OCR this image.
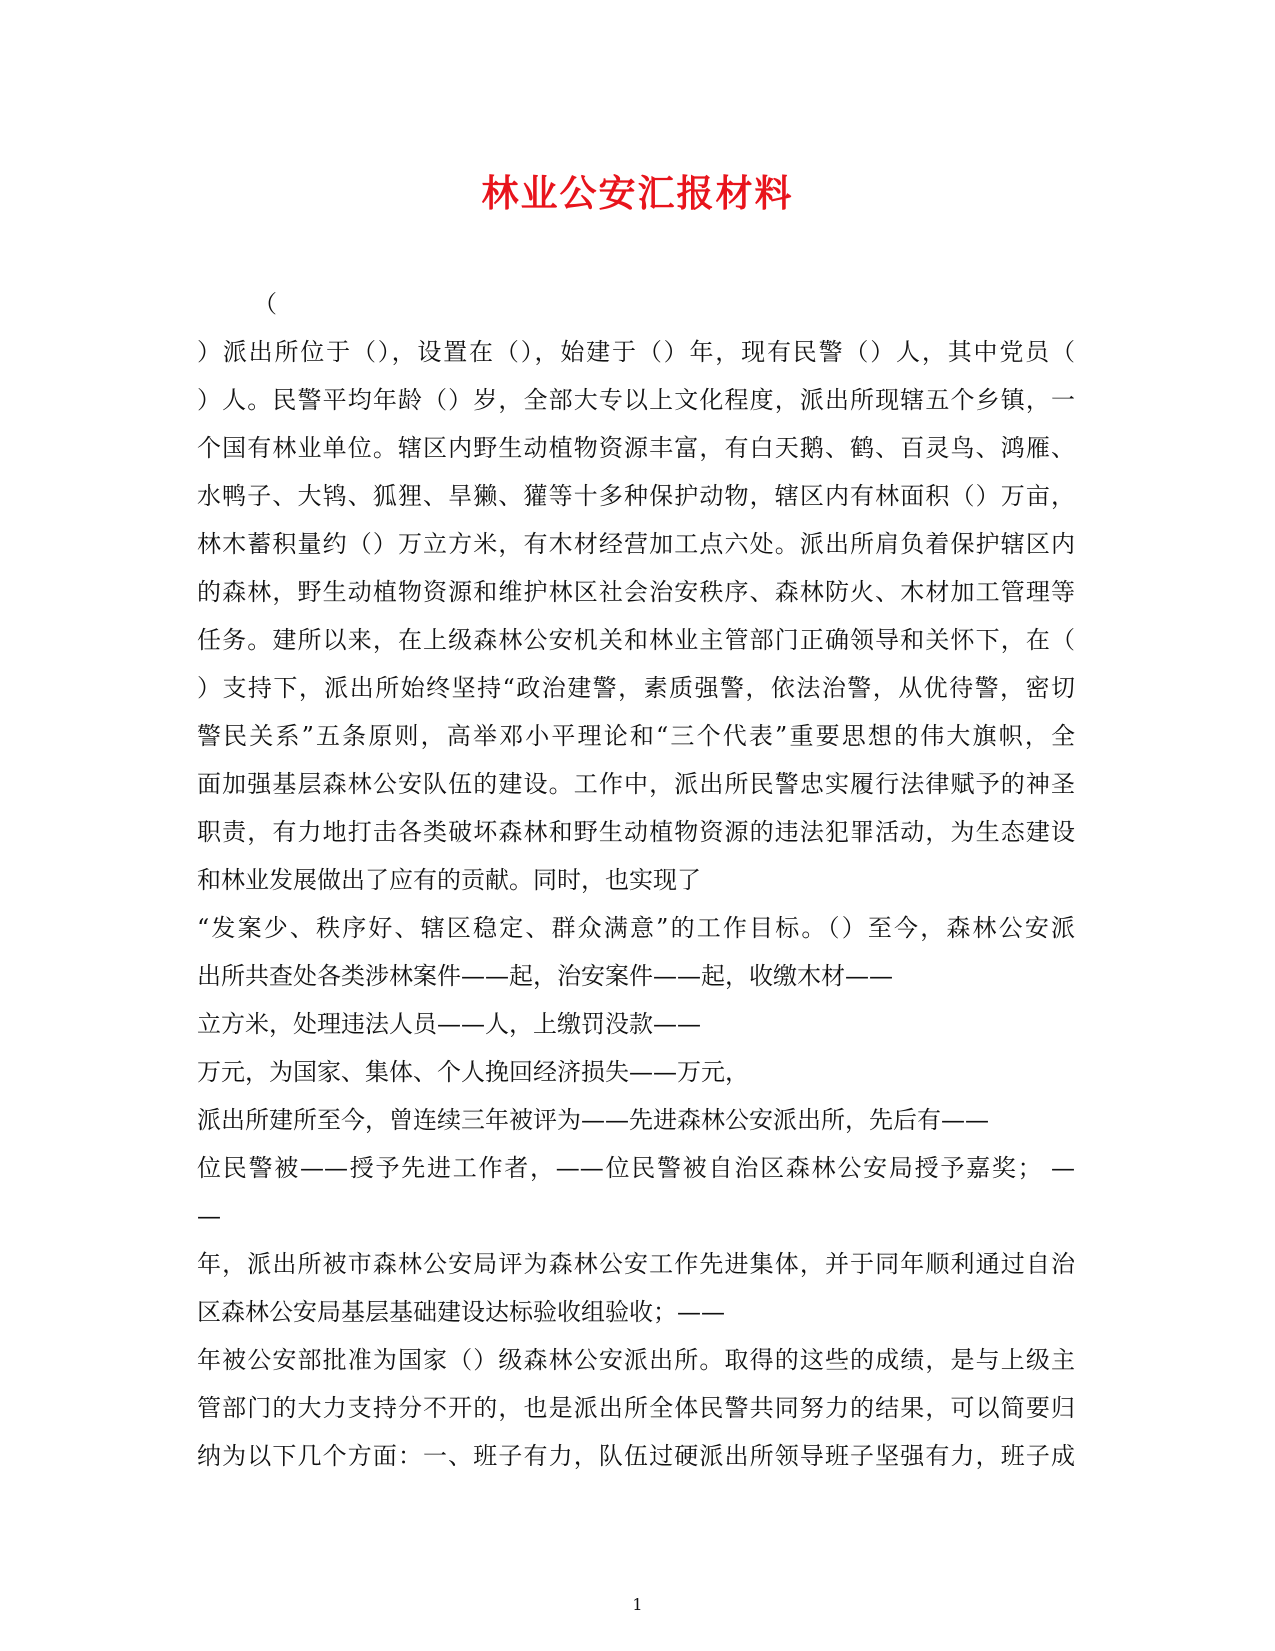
林业公安汇报材料
（
）派出所位于（），设置在（），始建于（）年，现有民警（）人，其中党员（
）人。民警平均年龄（）岁，全部大专以上文化程度，派出所现辖五个乡镇，一
个国有林业单位。辖区内野生动植物资源丰富，有白天鹅、鹤、百灵鸟、鸿雁、
水鸭子、大鸨、狐狸、旱獭、獾等十多种保护动物，辖区内有林面积（）万亩，
林木蓄积量约（）万立方米，有木材经营加工点六处。派出所肩负着保护辖区内
的森林，野生动植物资源和维护林区社会治安秩序、森林防火、木材加工管理等
任务。建所以来，在上级森林公安机关和林业主管部门正确领导和关怀下，在（
）支持下，派出所始终坚持“政治建警，素质强警，依法治警，从优待警，密切
警民关系”五条原则，高举邓小平理论和“三个代表”重要思想的伟大旗帜，全
面加强基层森林公安队伍的建设。工作中，派出所民警忠实履行法律赋予的神圣
职责，有力地打击各类破坏森林和野生动植物资源的违法犯罪活动，为生态建设
和林业发展做出了应有的贡献。同时，也实现了
“发案少、秩序好、辖区稳定、群众满意”的工作目标。（）至今，森林公安派
出所共查处各类涉林案件——起，治安案件——起，收缴木材——
立方米，处理违法人员——人，上缴罚没款——
万元，为国家、集体、个人挽回经济损失——万元，
派出所建所至今，曾连续三年被评为——先进森林公安派出所，先后有——
位民警被——授予先进工作者，——位民警被自治区森林公安局授予嘉奖； —
—
年，派出所被市森林公安局评为森林公安工作先进集体，并于同年顺利通过自治
区森林公安局基层基础建设达标验收组验收；——
年被公安部批准为国家（）级森林公安派出所。取得的这些的成绩，是与上级主
管部门的大力支持分不开的，也是派出所全体民警共同努力的结果，可以简要归
纳为以下几个方面：一、班子有力，队伍过硬派出所领导班子坚强有力，班子成
1
